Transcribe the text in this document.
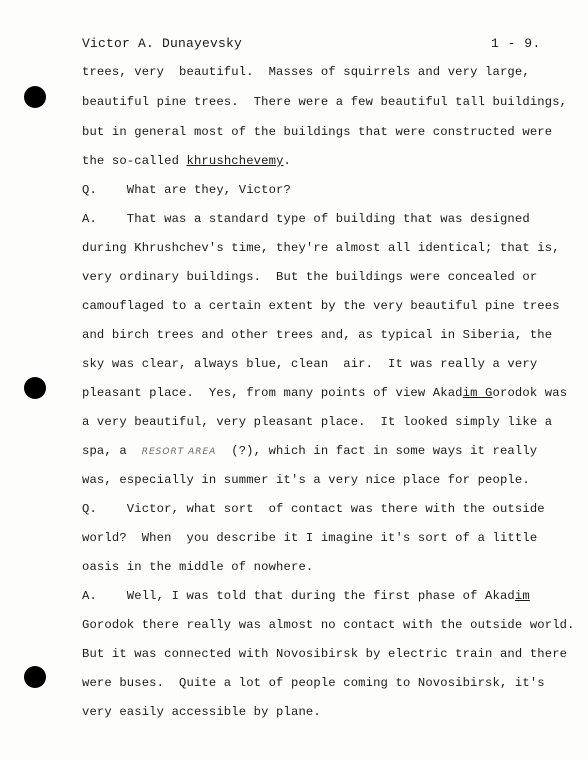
Victor A. Dunayevsky	1 - 9.
trees, very  beautiful.  Masses of squirrels and very large,
beautiful pine trees.  There were a few beautiful tall buildings,
but in general most of the buildings that were constructed were
the so-called khrushchevemy.
Q.    What are they, Victor?
A.    That was a standard type of building that was designed
during Khrushchev's time, they're almost all identical; that is,
very ordinary buildings.  But the buildings were concealed or
camouflaged to a certain extent by the very beautiful pine trees
and birch trees and other trees and, as typical in Siberia, the
sky was clear, always blue, clean  air.  It was really a very
pleasant place.  Yes, from many points of view Akadim Gorodok was
a very beautiful, very pleasant place.  It looked simply like a
spa, a  RESORT AREA  (?), which in fact in some ways it really
was, especially in summer it's a very nice place for people.
Q.    Victor, what sort  of contact was there with the outside
world?  When  you describe it I imagine it's sort of a little
oasis in the middle of nowhere.
A.    Well, I was told that during the first phase of Akadim
Gorodok there really was almost no contact with the outside world.
But it was connected with Novosibirsk by electric train and there
were buses.  Quite a lot of people coming to Novosibirsk, it's
very easily accessible by plane.
